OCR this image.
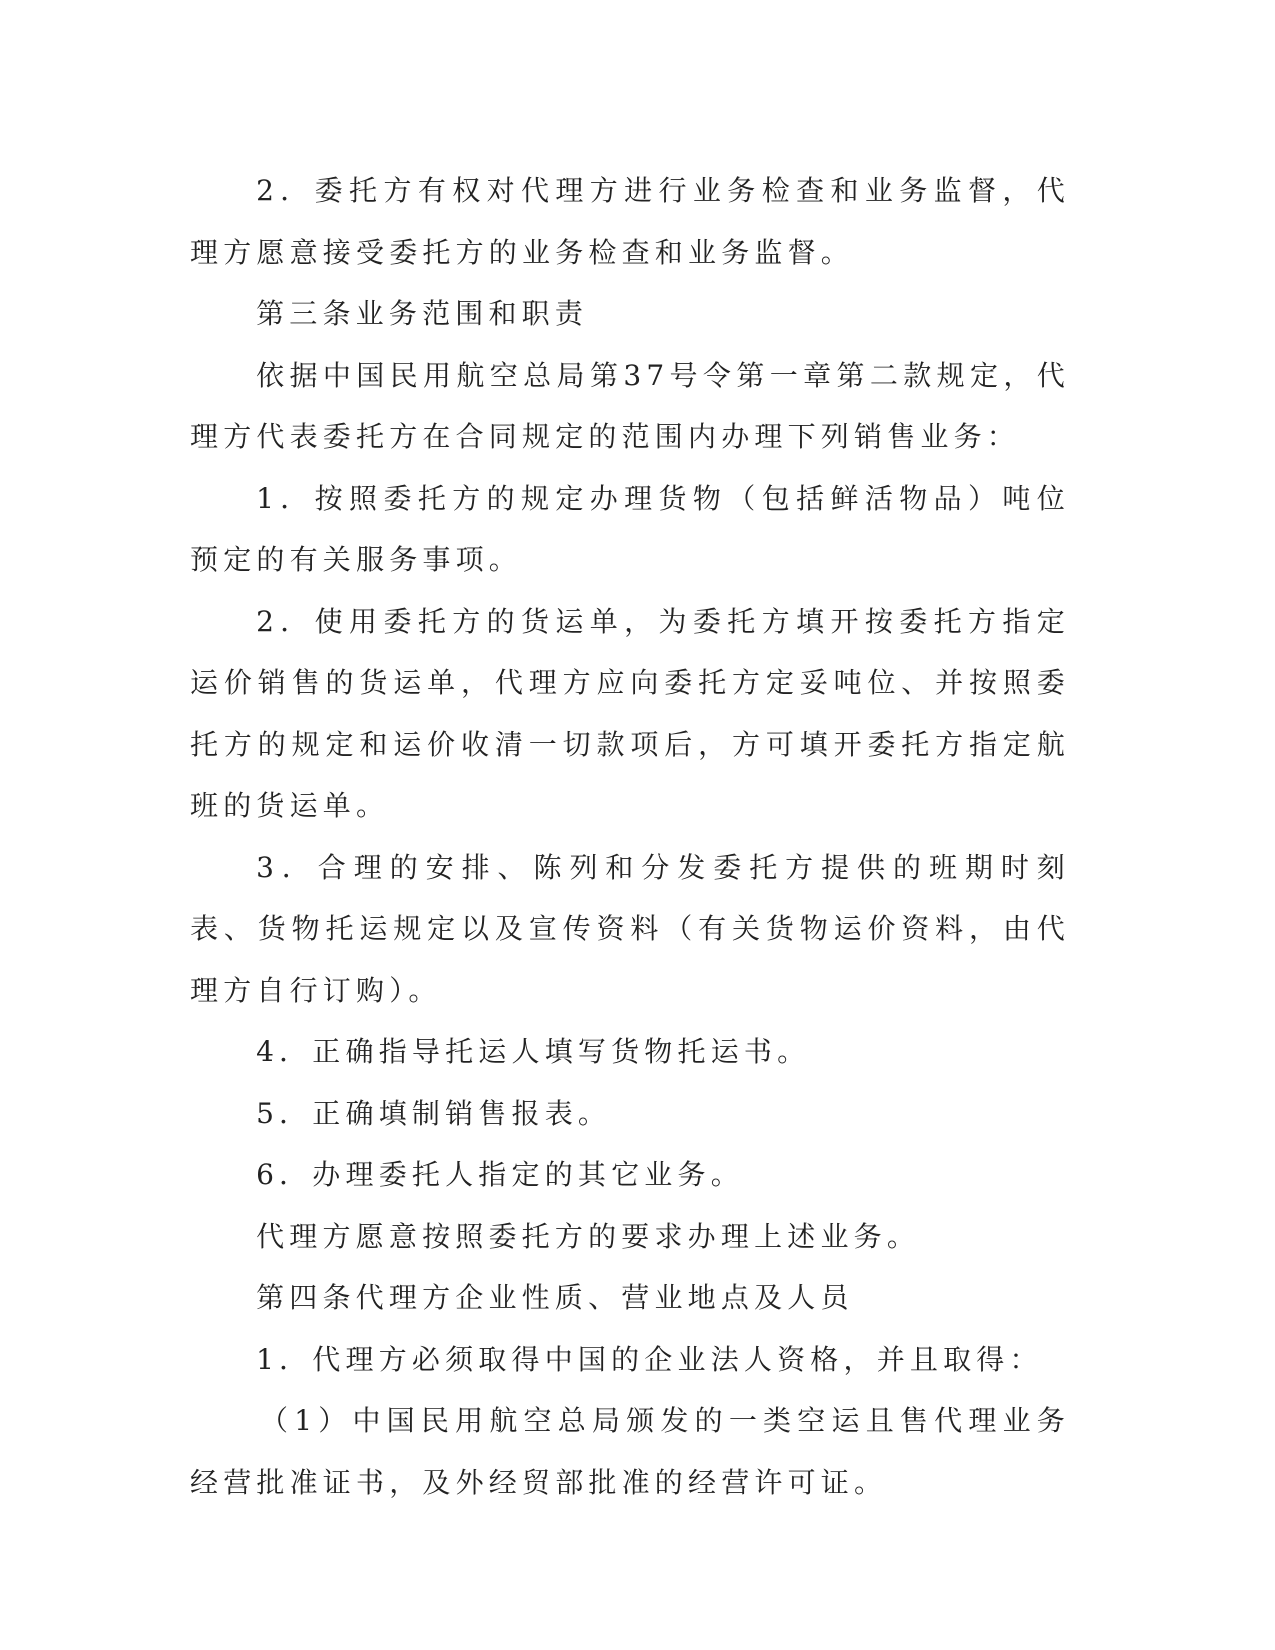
2．委托方有权对代理方进行业务检查和业务监督，代理方愿意接受委托方的业务检查和业务监督。

第三条业务范围和职责

依据中国民用航空总局第37号令第一章第二款规定，代理方代表委托方在合同规定的范围内办理下列销售业务：

1．按照委托方的规定办理货物（包括鲜活物品）吨位预定的有关服务事项。

2．使用委托方的货运单，为委托方填开按委托方指定运价销售的货运单，代理方应向委托方定妥吨位、并按照委托方的规定和运价收清一切款项后，方可填开委托方指定航班的货运单。

3．合理的安排、陈列和分发委托方提供的班期时刻表、货物托运规定以及宣传资料（有关货物运价资料，由代理方自行订购）。

4．正确指导托运人填写货物托运书。

5．正确填制销售报表。

6．办理委托人指定的其它业务。

代理方愿意按照委托方的要求办理上述业务。

第四条代理方企业性质、营业地点及人员

1．代理方必须取得中国的企业法人资格，并且取得：

（1）中国民用航空总局颁发的一类空运且售代理业务经营批准证书，及外经贸部批准的经营许可证。
